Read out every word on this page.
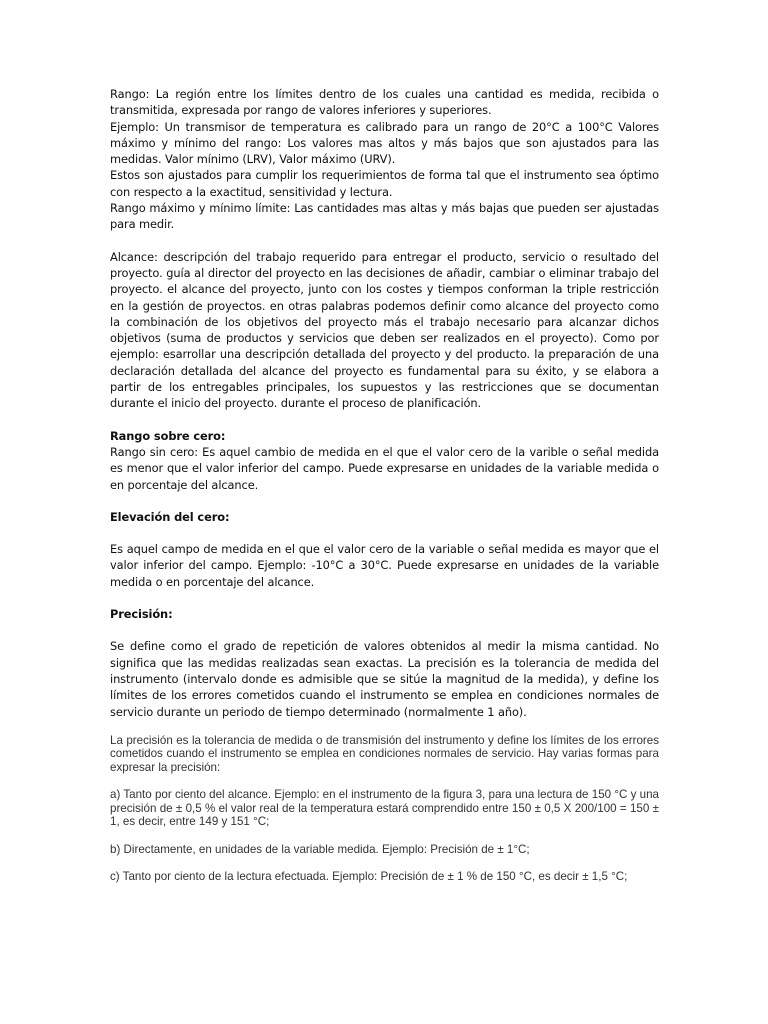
Rango: La región entre los límites dentro de los cuales una cantidad es medida, recibida o transmitida, expresada por rango de valores inferiores y superiores.

Ejemplo: Un transmisor de temperatura es calibrado para un rango de 20°C a 100°C Valores máximo y mínimo del rango: Los valores mas altos y más bajos que son ajustados para las medidas. Valor mínimo (LRV), Valor máximo (URV).

Estos son ajustados para cumplir los requerimientos de forma tal que el instrumento sea óptimo con respecto a la exactitud, sensitividad y lectura.

Rango máximo y mínimo límite: Las cantidades mas altas y más bajas que pueden ser ajustadas para medir.

Alcance: descripción del trabajo requerido para entregar el producto, servicio o resultado del proyecto. guía al director del proyecto en las decisiones de añadir, cambiar o eliminar trabajo del proyecto. el alcance del proyecto, junto con los costes y tiempos conforman la triple restricción en la gestión de proyectos. en otras palabras podemos definir como alcance del proyecto como la combinación de los objetivos del proyecto más el trabajo necesario para alcanzar dichos objetivos (suma de productos y servicios que deben ser realizados en el proyecto). Como por ejemplo: esarrollar una descripción detallada del proyecto y del producto. la preparación de una declaración detallada del alcance del proyecto es fundamental para su éxito, y se elabora a partir de los entregables principales, los supuestos y las restricciones que se documentan durante el inicio del proyecto. durante el proceso de planificación.

Rango sobre cero:

Rango sin cero: Es aquel cambio de medida en el que el valor cero de la varible o señal medida es menor que el valor inferior del campo. Puede expresarse en unidades de la variable medida o en porcentaje del alcance.

Elevación del cero:

Es aquel campo de medida en el que el valor cero de la variable o señal medida es mayor que el valor inferior del campo. Ejemplo: -10°C a 30°C. Puede expresarse en unidades de la variable medida o en porcentaje del alcance.

Precisión:

Se define como el grado de repetición de valores obtenidos al medir la misma cantidad. No significa que las medidas realizadas sean exactas. La precisión es la tolerancia de medida del instrumento (intervalo donde es admisible que se sitúe la magnitud de la medida), y define los límites de los errores cometidos cuando el instrumento se emplea en condiciones normales de servicio durante un periodo de tiempo determinado (normalmente 1 año).

La precisión es la tolerancia de medida o de transmisión del instrumento y define los límites de los errores cometidos cuando el instrumento se emplea en condiciones normales de servicio. Hay varias formas para expresar la precisión:

a) Tanto por ciento del alcance. Ejemplo: en el instrumento de la figura 3, para una lectura de 150 °C y una precisión de ± 0,5 % el valor real de la temperatura estará comprendido entre 150 ± 0,5 X 200/100 = 150 ± 1, es decir, entre 149 y 151 °C;

b) Directamente, en unidades de la variable medida. Ejemplo: Precisión de ± 1°C;

c) Tanto por ciento de la lectura efectuada. Ejemplo: Precisión de ± 1 % de 150 °C, es decir ± 1,5 °C;
